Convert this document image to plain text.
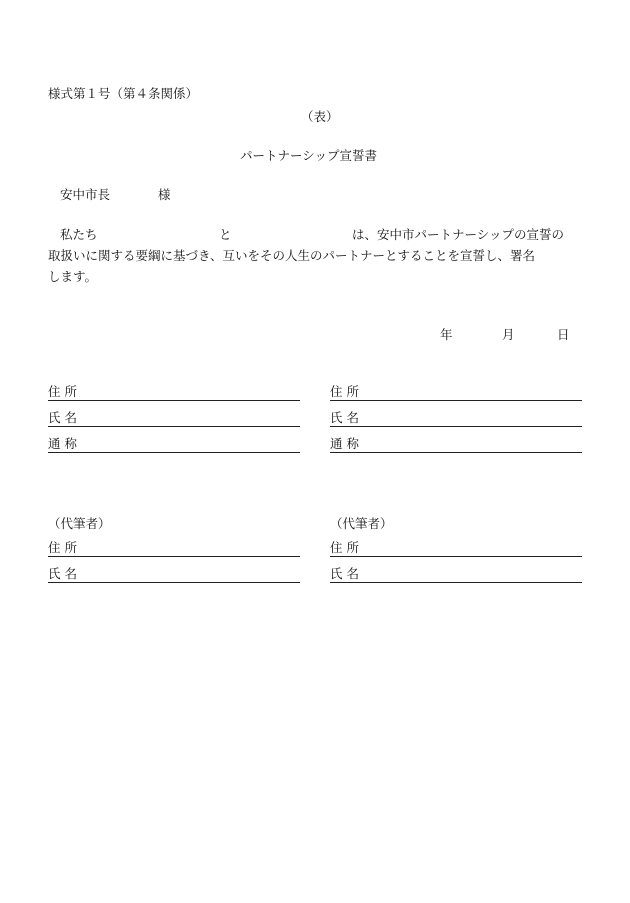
様式第１号（第４条関係）
（表）
パートナーシップ宣誓書
安中市長	様
私たち	と	は、安中市パートナーシップの宣誓の
取扱いに関する要綱に基づき、互いをその人生のパートナーとすることを宣誓し、署名
します。
年	月	日
住 所
氏 名
通 称
住 所
氏 名
通 称
（代筆者）
住 所
氏 名
（代筆者）
住 所
氏 名
